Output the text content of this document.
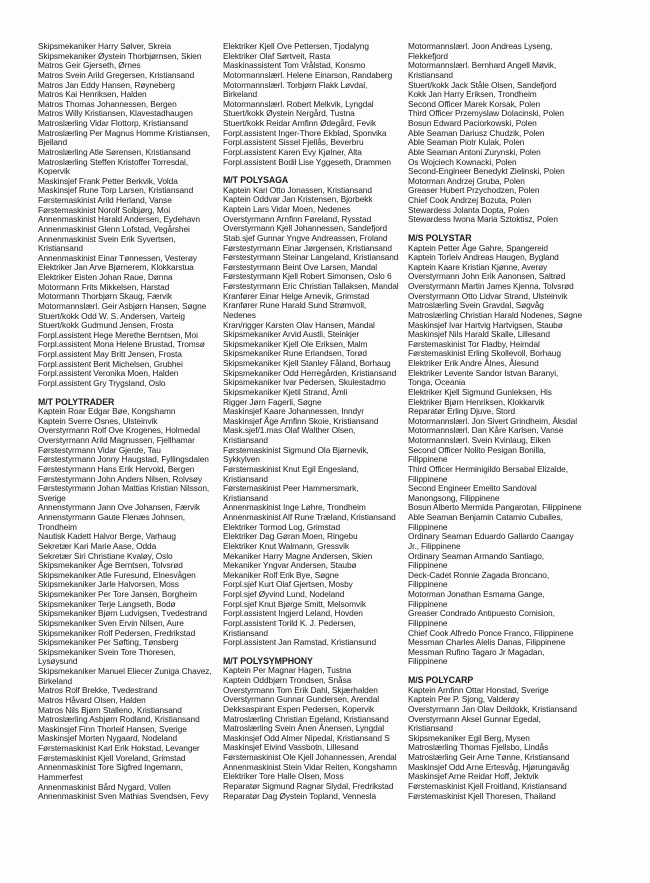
Skipsmekaniker Harry Sølver, Skreia
Skipsmekaniker Øystein Thorbjørnsen, Skien
Matros Geir Gjerseth, Ørnes
Matros Svein Arild Gregersen, Kristiansand
Matros Jan Eddy Hansen, Røyneberg
Matros Kai Henriksen, Halden
Matros Thomas Johannessen, Bergen
Matros Willy Kristiansen, Klavestadhaugen
Matroslærling Vidar Flottorp, Kristiansand
Matroslærling Per Magnus Homme Kristiansen,
Bjelland
Matroslærling Atle Sørensen, Kristiansand
Matroslærling Steffen Kristoffer Torresdal,
Kopervik
Maskinsjef Frank Petter Berkvik, Volda
Maskinsjef Rune Torp Larsen, Kristiansand
Førstemaskinist Arild Herland, Vanse
Førstemaskinist Norolf Solbjørg, Moi
Annenmaskinist Harald Andersen, Eydehavn
Annenmaskinist Glenn Lofstad, Vegårshei
Annenmaskinist Svein Erik Syvertsen,
Kristiansand
Annenmaskinist Einar Tønnessen, Vesterøy
Elektriker Jan Arve Bjørnerem, Klokkarstua
Elektriker Eisten Johan Raue, Dønna
Motormann Frits Mikkelsen, Harstad
Motormann Thorbjørn Skaug, Færvik
Motormannslærl. Geir Asbjørn Hansen, Søgne
Stuert/kokk Odd W. S. Andersen, Varteig
Stuert/kokk Gudmund Jensen, Frosta
Forpl.assistent Hege Merethe Berntsen, Moi
Forpl.assistent Mona Helene Brustad, Tromsø
Forpl.assistent May Britt Jensen, Frosta
Forpl.assistent Berit Michelsen, Grubhei
Forpl.assistent Veronika Moen, Halden
Forpl.assistent Gry Trygsland, Oslo
M/T POLYTRADER
Kaptein Roar Edgar Bøe, Kongshamn
Kaptein Sverre Osnes, Ulsteinvik
Overstyrmann Rolf Ove Krogenes, Holmedal
Overstyrmann Arild Magnussen, Fjellhamar
Førstestyrmann Vidar Gjerde, Tau
Førstestyrmann Jonny Haugstad, Fyllingsdalen
Førstestyrmann Hans Erik Hervold, Bergen
Førstestyrmann John Anders Nilsen, Rolvsøy
Førstestyrmann Johan Mattias Kristian Nilsson,
Sverige
Annenstyrmann Jann Ove Johansen, Færvik
Annenstyrmann Gaute Flenæs Johnsen,
Trondheim
Nautisk Kadett Halvor Berge, Varhaug
Sekretær Kari Marie Aase, Odda
Sekretær Siri Christiane Kvaløy, Oslo
Skipsmekaniker Åge Berntsen, Tolvsrød
Skipsmekaniker Atle Furesund, Elnesvågen
Skipsmekaniker Jarle Halvorsen, Moss
Skipsmekaniker Per Tore Jansen, Borgheim
Skipsmekaniker Terje Langseth, Bodø
Skipsmekaniker Bjørn Ludvigsen, Tvedestrand
Skipsmekaniker Sven Ervin Nilsen, Aure
Skipsmekaniker Rolf Pedersen, Fredrikstad
Skipsmekaniker Per Søfting, Tønsberg
Skipsmekaniker Svein Tore Thoresen,
Lysøysund
Skipsmekaniker Manuel Eliecer Zuniga Chavez,
Birkeland
Matros Rolf Brekke, Tvedestrand
Matros Håvard Olsen, Halden
Matros Nils Bjørn Stalleno, Kristiansand
Matroslærling Asbjørn Rodland, Kristiansand
Maskinsjef Finn Thorleif Hansen, Sverige
Maskinsjef Morten Nygaard, Nodeland
Førstemaskinist Karl Erik Hokstad, Levanger
Førstemaskinist Kjell Voreland, Grimstad
Annenmaskinist Tore Sigfred Ingemann,
Hammerfest
Annenmaskinist Bård Nygard, Vollen
Annenmaskinist Sven Mathias Svendsen, Fevy
Elektriker Kjell Ove Pettersen, Tjodalyng
Elektriker Olaf Sørtveit, Rasta
Maskinassistent Tom Vrålstad, Konsmo
Motormannslærl. Helene Einarson, Randaberg
Motormannslærl. Torbjørn Flakk Løvdal,
Birkeland
Motormannslærl. Robert Melkvik, Lyngdal
Stuert/kokk Øystein Nergård, Tustna
Stuert/kokk Reidar Arnfinn Ødegård, Fevik
Forpl.assistent Inger-Thore Ekblad, Sponvika
Forpl.assistent Sissel Fjellås, Beverbru
Forpl.assistent Karen Evy Kjølner, Alta
Forpl.assistent Bodil Lise Yggeseth, Drammen
M/T POLYSAGA
Kaptein Kari Otto Jonassen, Kristiansand
Kaptein Oddvar Jan Kristensen, Bjorbekk
Kaptein Lars Vidar Moen, Nedenes
Overstyrmann Arnfinn Føreland, Rysstad
Overstyrmann Kjell Johannessen, Sandefjord
Stab.sjef Gunnar Yngve Andreassen, Froland
Førstestyrmann Einar Jørgensen, Kristiansand
Førstestyrmann Steinar Langeland, Kristiansand
Førstestyrmann Beint Ove Larsen, Mandal
Førstestyrmann Kjell Robert Simonsen, Oslo 6
Førstestyrmann Eric Christian Tallaksen, Mandal
Kranfører Einar Helge Arnevik, Grimstad
Kranfører Rune Harald Sund Strømvoll,
Nedenes
Kran/rigger Karsten Olav Hansen, Mandal
Skipsmekaniker Arvid Austli, Steinkjer
Skipsmekaniker Kjell Ole Eriksen, Malm
Skipsmekaniker Rune Erlandsen, Torød
Skipsmekaniker Kjell Stanley Fåland, Borhaug
Skipsmekaniker Odd Herregården, Kristiansand
Skipsmekaniker Ivar Pedersen, Skulestadmo
Skipsmekaniker Kjetil Strand, Åmli
Rigger Jørn Fagerli, Søgne
Maskinsjef Kaare Johannessen, Inndyr
Maskinsjef Åge Arnfinn Skoie, Kristiansand
Mask.sjef/1.mas Olaf Walther Olsen,
Kristiansand
Førstemaskinist Sigmund Ola Bjørnevik,
Sykkylven
Førstemaskinist Knut Egil Engesland,
Kristiansand
Førstemaskinist Peer Hammersmark,
Kristiansand
Annenmaskinist Inge Løhre, Trondheim
Annenmaskinist Alf Rune Træland, Kristiansand
Elektriker Tormod Log, Grimstad
Elektriker Dag Gøran Moen, Ringebu
Elektriker Knut Walmann, Gressvik
Mekaniker Harry Magne Andersen, Skien
Mekaniker Yngvar Andersen, Staubø
Mekaniker Rolf Erik Bye, Søgne
Forpl.sjef Kurt Olaf Gjertsen, Mosby
Forpl.sjef Øyvind Lund, Nodeland
Forpl.sjef Knut Bjørge Smitt, Melsomvik
Forpl.assistent Ingjerd Leland, Hovden
Forpl.assistent Torild K. J. Pedersen,
Kristiansand
Forpl.assistent Jan Ramstad, Kristiansund
M/T POLYSYMPHONY
Kaptein Per Magnar Hagen, Tustna
Kaptein Oddbjørn Trondsen, Snåsa
Overstyrmann Tom Erik Dahl, Skjærhalden
Overstyrmann Gunnar Gundersen, Arendal
Dekksaspirant Espen Pedersen, Kopervik
Matroslærling Christian Egeland, Kristiansand
Matroslærling Svein Ånen Ånensen, Lyngdal
Maskinsjef Odd Almer Nipedal, Kristiansand S
Maskinsjef Eivind Vassbotn, Lillesand
Førstemaskinist Ole Kjell Johannessen, Arendal
Annenmaskinist Stein Vidar Reiten, Kongshamn
Elektriker Tore Halle Olsen, Moss
Reparatør Sigmund Ragnar Slydal, Fredrikstad
Reparatør Dag Øystein Topland, Vennesla
Motormannslærl. Joon Andreas Lyseng,
Flekkefjord
Motormannslærl. Bernhard Angell Møvik,
Kristiansand
Stuert/kokk Jack Ståle Olsen, Sandefjord
Kokk Jan Harry Eriksen, Trondheim
Second Officer Marek Korsak, Polen
Third Officer Przemyslaw Dolacinski, Polen
Bosun Edward Paciorkowski, Polen
Able Seaman Dariusz Chudzik, Polen
Able Seaman Piotr Kulak, Polen
Able Seaman Antoni Zurynski, Polen
Os Wojciech Kownacki, Polen
Second-Engineer Benedykt Zielinski, Polen
Motorman Andrzej Gruba, Polen
Greaser Hubert Przychodzen, Polen
Chief Cook Andrzej Bozuta, Polen
Stewardess Jolanta Dopta, Polen
Stewardess Iwona Maria Sztoktisz, Polen
M/S POLYSTAR
Kaptein Petter Åge Gahre, Spangereid
Kaptein Torleiv Andreas Haugen, Bygland
Kaptein Kaare Kristian Kjønne, Averøy
Overstyrmann John Erik Aanonsen, Saltrød
Overstyrmann Martin James Kjenna, Tolvsrød
Overstyrmann Otto Lidvar Strand, Ulsteinvik
Matroslærling Svein Gravdal, Søgvåg
Matroslærling Christian Harald Nodenes, Søgne
Maskinsjef Ivar Hartvig Hartvigsen, Staubø
Maskinsjef Nils Harald Skalle, Lillesand
Førstemaskinist Tor Fladby, Heimdal
Førstemaskinist Erling Skollevoll, Borhaug
Elektriker Erik Andre Ålnes, Ålesund
Elektriker Levente Sandor Istvan Baranyi,
Tonga, Oceania
Elektriker Kjell Sigmund Gunleksen, His
Elektriker Bjørn Henriksen, Klokkarvik
Reparatør Erling Djuve, Stord
Motormannslærl. Jon Sivert Grindheim, Åksdal
Motormannslærl. Dan Kåre Karlsen, Vanse
Motormannslærl. Svein Kvinlaug, Eiken
Second Officer Nolito Pesigan Bonilla,
Filippinene
Third Officer Herminigildo Bersabal Elizalde,
Filippinene
Second Engineer Emelito Sandoval
Manongsong, Filippinene
Bosun Alberto Mermida Pangarotan, Filippinene
Able Seaman Benjamin Catamio Cuballes,
Filippinene
Ordinary Seaman Eduardo Gallardo Caangay
Jr., Filippinene
Ordinary Seaman Armando Santiago,
Filippinene
Deck-Cadet Ronnie Zagada Broncano,
Filippinene
Motorman Jonathan Esmama Gange,
Filippinene
Greaser Condrado Antipuesto Comision,
Filippinene
Chief Cook Alfredo Ponce Franco, Filippinene
Messman Charles Alelis Danas, Filippinene
Messman Rufino Tagaro Jr Magadan,
Filippinene
M/S POLYCARP
Kaptein Arnfinn Ottar Honstad, Sverige
Kaptein Per P. Sjong, Valderøy
Overstyrmann Jan Olav Deildokk, Kristiansand
Overstyrmann Aksel Gunnar Egedal,
Kristiansand
Skipsmekaniker Egil Berg, Mysen
Matroslærling Thomas Fjellsbo, Lindås
Matroslærling Geir Arne Tønne, Kristiansand
Maskinsjef Odd Arne Ertesvåg, Hjørungavåg
Maskinsjef Arne Reidar Hoff, Jektvik
Førstemaskinist Kjell Froitland, Kristiansand
Førstemaskinist Kjell Thoresen, Thailand
